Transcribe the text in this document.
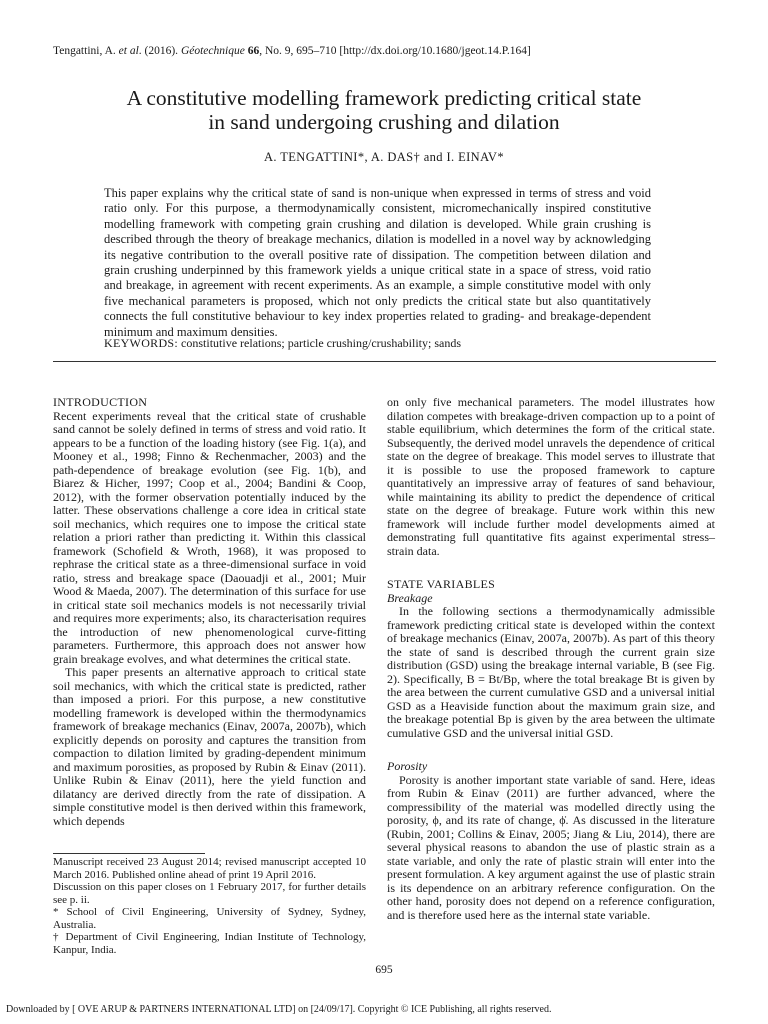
Tengattini, A. et al. (2016). Géotechnique 66, No. 9, 695–710 [http://dx.doi.org/10.1680/jgeot.14.P.164]
A constitutive modelling framework predicting critical state
in sand undergoing crushing and dilation
A. TENGATTINI*, A. DAS† and I. EINAV*
This paper explains why the critical state of sand is non-unique when expressed in terms of stress and void ratio only. For this purpose, a thermodynamically consistent, micromechanically inspired constitutive modelling framework with competing grain crushing and dilation is developed. While grain crushing is described through the theory of breakage mechanics, dilation is modelled in a novel way by acknowledging its negative contribution to the overall positive rate of dissipation. The competition between dilation and grain crushing underpinned by this framework yields a unique critical state in a space of stress, void ratio and breakage, in agreement with recent experiments. As an example, a simple constitutive model with only five mechanical parameters is proposed, which not only predicts the critical state but also quantitatively connects the full constitutive behaviour to key index properties related to grading- and breakage-dependent minimum and maximum densities.
KEYWORDS: constitutive relations; particle crushing/crushability; sands

INTRODUCTION

Recent experiments reveal that the critical state of crushable sand cannot be solely defined in terms of stress and void ratio. It appears to be a function of the loading history (see Fig. 1(a), and Mooney et al., 1998; Finno & Rechenmacher, 2003) and the path-dependence of breakage evolution (see Fig. 1(b), and Biarez & Hicher, 1997; Coop et al., 2004; Bandini & Coop, 2012), with the former observation potentially induced by the latter. These observations challenge a core idea in critical state soil mechanics, which requires one to impose the critical state relation a priori rather than predicting it. Within this classical framework (Schofield & Wroth, 1968), it was proposed to rephrase the critical state as a three-dimensional surface in void ratio, stress and breakage space (Daouadji et al., 2001; Muir Wood & Maeda, 2007). The determination of this surface for use in critical state soil mechanics models is not necessarily trivial and requires more experiments; also, its characterisation requires the introduction of new phenomenological curve-fitting parameters. Furthermore, this approach does not answer how grain breakage evolves, and what determines the critical state.

This paper presents an alternative approach to critical state soil mechanics, with which the critical state is predicted, rather than imposed a priori. For this purpose, a new constitutive modelling framework is developed within the thermodynamics framework of breakage mechanics (Einav, 2007a, 2007b), which explicitly depends on porosity and captures the transition from compaction to dilation limited by grading-dependent minimum and maximum porosities, as proposed by Rubin & Einav (2011). Unlike Rubin & Einav (2011), here the yield function and dilatancy are derived directly from the rate of dissipation. A simple constitutive model is then derived within this framework, which depends

Manuscript received 23 August 2014; revised manuscript accepted 10 March 2016. Published online ahead of print 19 April 2016.

Discussion on this paper closes on 1 February 2017, for further details see p. ii.

* School of Civil Engineering, University of Sydney, Sydney, Australia.

† Department of Civil Engineering, Indian Institute of Technology, Kanpur, India.

on only five mechanical parameters. The model illustrates how dilation competes with breakage-driven compaction up to a point of stable equilibrium, which determines the form of the critical state. Subsequently, the derived model unravels the dependence of critical state on the degree of breakage. This model serves to illustrate that it is possible to use the proposed framework to capture quantitatively an impressive array of features of sand behaviour, while maintaining its ability to predict the dependence of critical state on the degree of breakage. Future work within this new framework will include further model developments aimed at demonstrating full quantitative fits against experimental stress–strain data.

STATE VARIABLES

Breakage

In the following sections a thermodynamically admissible framework predicting critical state is developed within the context of breakage mechanics (Einav, 2007a, 2007b). As part of this theory the state of sand is described through the current grain size distribution (GSD) using the breakage internal variable, B (see Fig. 2). Specifically, B = Bt/Bp, where the total breakage Bt is given by the area between the current cumulative GSD and a universal initial GSD as a Heaviside function about the maximum grain size, and the breakage potential Bp is given by the area between the ultimate cumulative GSD and the universal initial GSD.

Porosity

Porosity is another important state variable of sand. Here, ideas from Rubin & Einav (2011) are further advanced, where the compressibility of the material was modelled directly using the porosity, ϕ, and its rate of change, ϕ̇. As discussed in the literature (Rubin, 2001; Collins & Einav, 2005; Jiang & Liu, 2014), there are several physical reasons to abandon the use of plastic strain as a state variable, and only the rate of plastic strain will enter into the present formulation. A key argument against the use of plastic strain is its dependence on an arbitrary reference configuration. On the other hand, porosity does not depend on a reference configuration, and is therefore used here as the internal state variable.

695
Downloaded by [ OVE ARUP & PARTNERS INTERNATIONAL LTD] on [24/09/17]. Copyright © ICE Publishing, all rights reserved.
